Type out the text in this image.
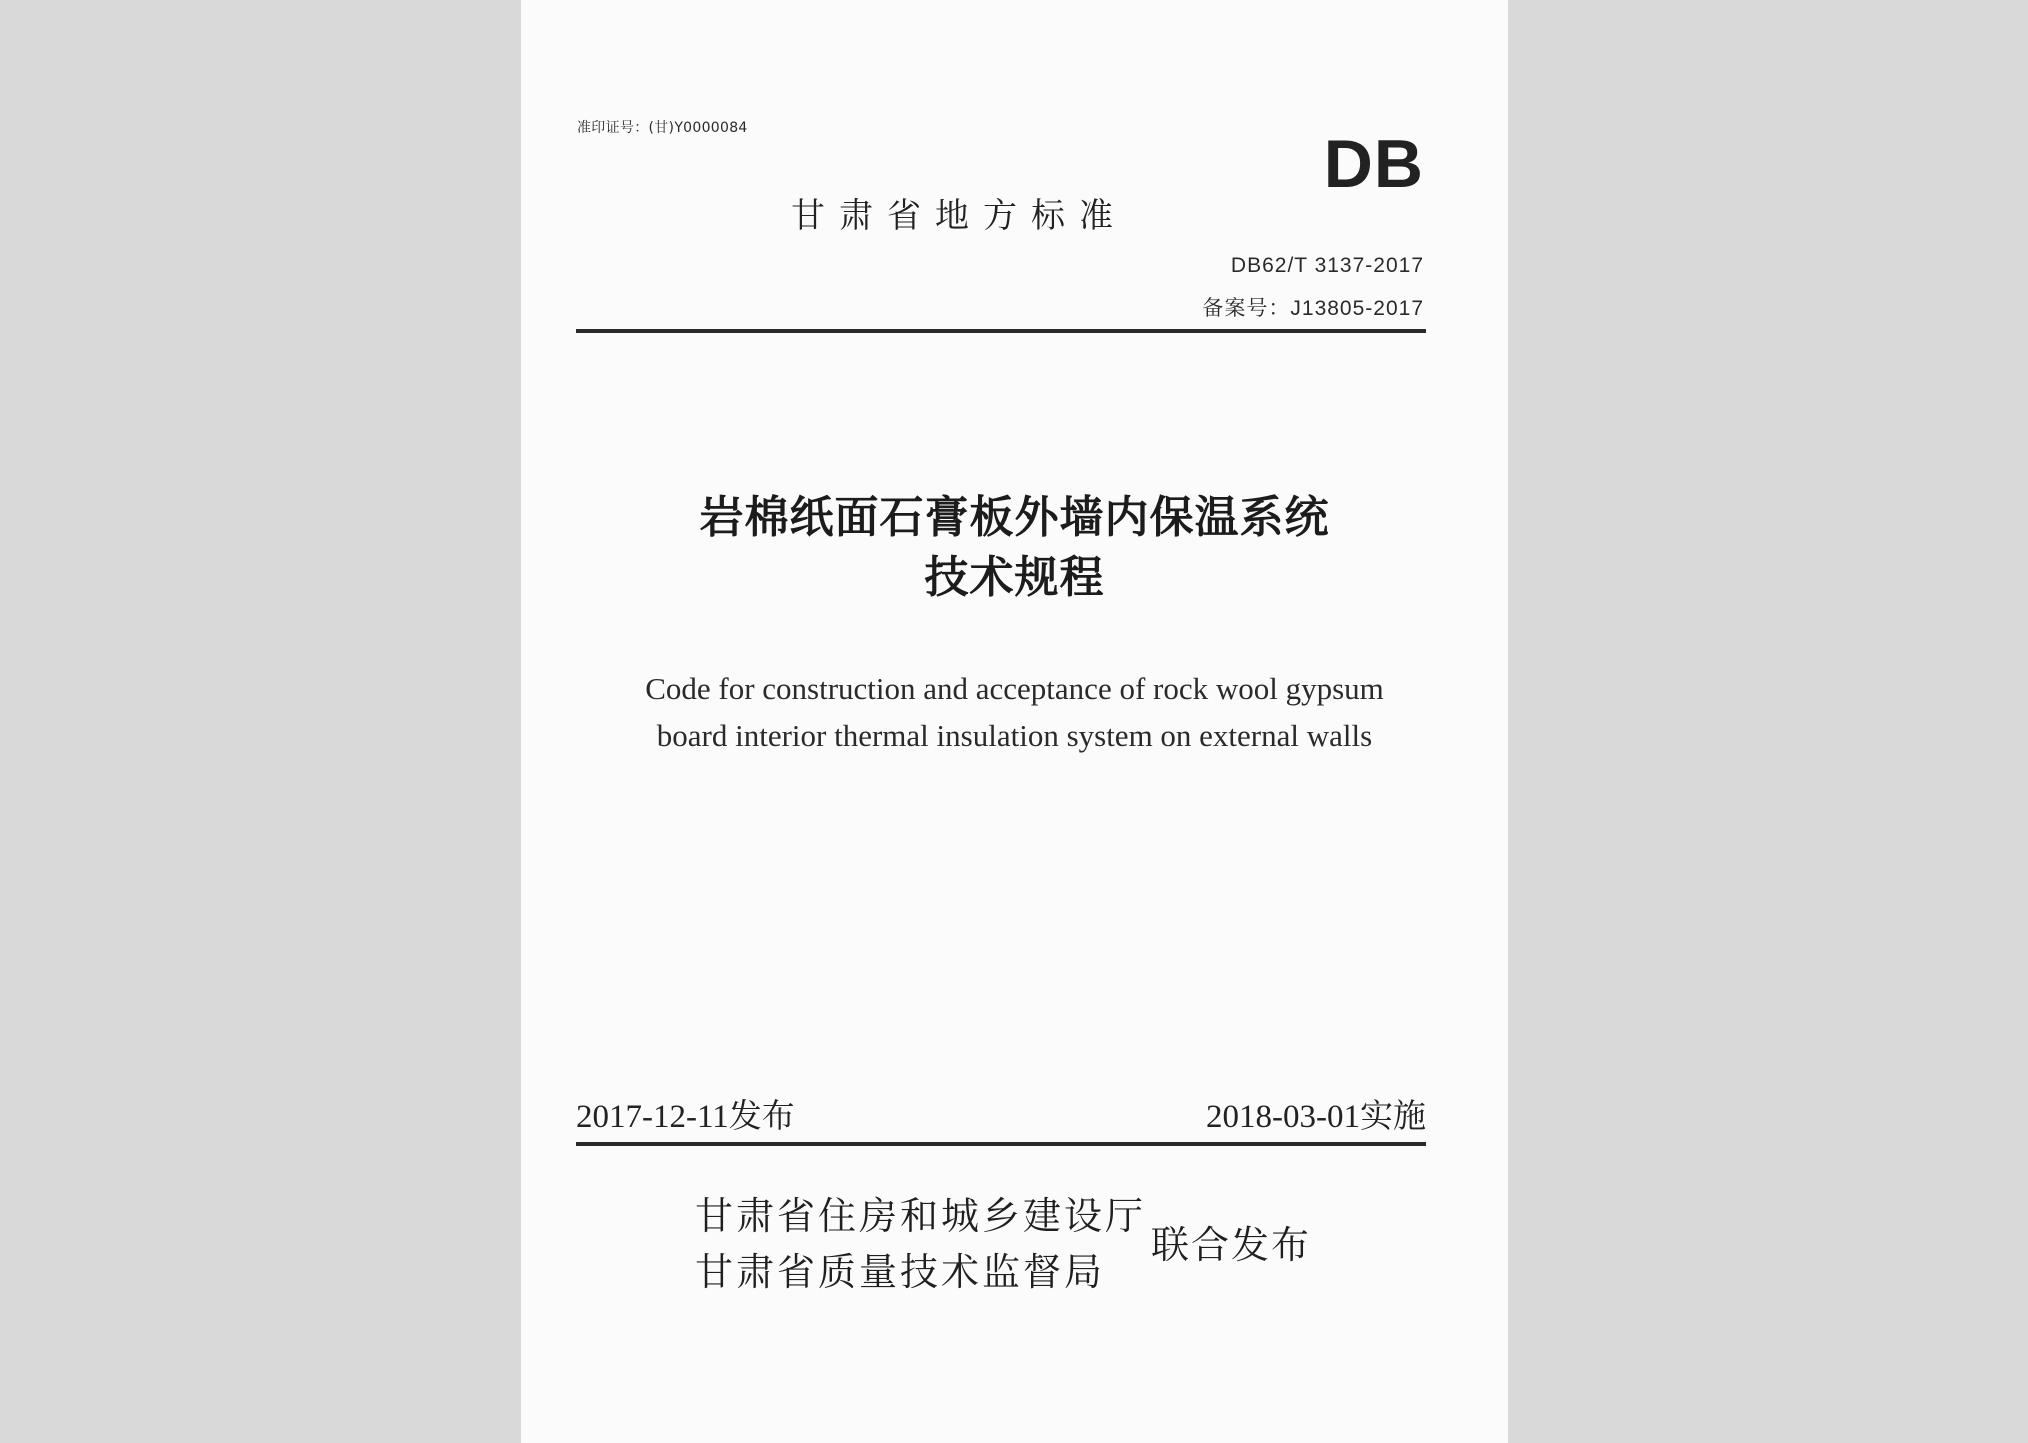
准印证号：(甘)Y0000084	DB
甘肃省地方标准
DB62/T 3137-2017
备案号：J13805-2017
岩棉纸面石膏板外墙内保温系统
技术规程
Code for construction and acceptance of rock wool gypsum
board interior thermal insulation system on external walls
2017-12-11发布	2018-03-01实施
甘肃省住房和城乡建设厅
甘肃省质量技术监督局
联合发布
